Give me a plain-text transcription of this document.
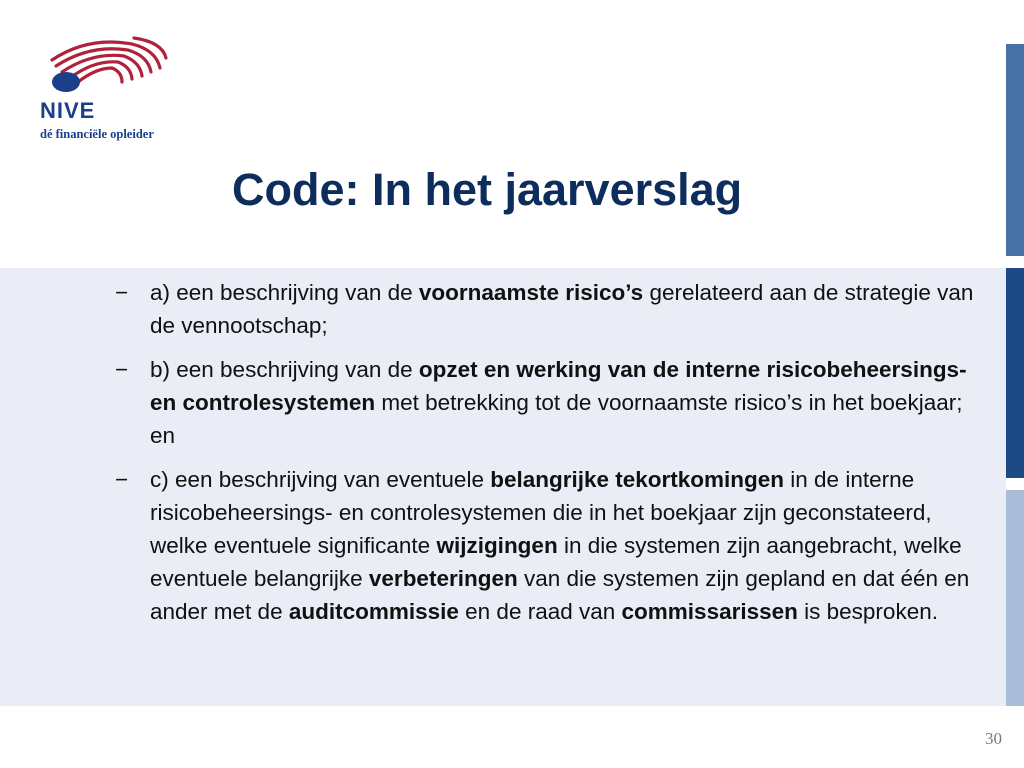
NIVE
dé financiële opleider
Code: In het jaarverslag
− a) een beschrijving van de voornaamste risico’s gerelateerd aan de strategie van de vennootschap;
− b) een beschrijving van de opzet en werking van de interne risicobeheersings- en controlesystemen met betrekking tot de voornaamste risico’s in het boekjaar; en
− c) een beschrijving van eventuele belangrijke tekortkomingen in de interne risicobeheersings- en controlesystemen die in het boekjaar zijn geconstateerd, welke eventuele significante wijzigingen in die systemen zijn aangebracht, welke eventuele belangrijke verbeteringen van die systemen zijn gepland en dat één en ander met de auditcommissie en de raad van commissarissen is besproken.
30
